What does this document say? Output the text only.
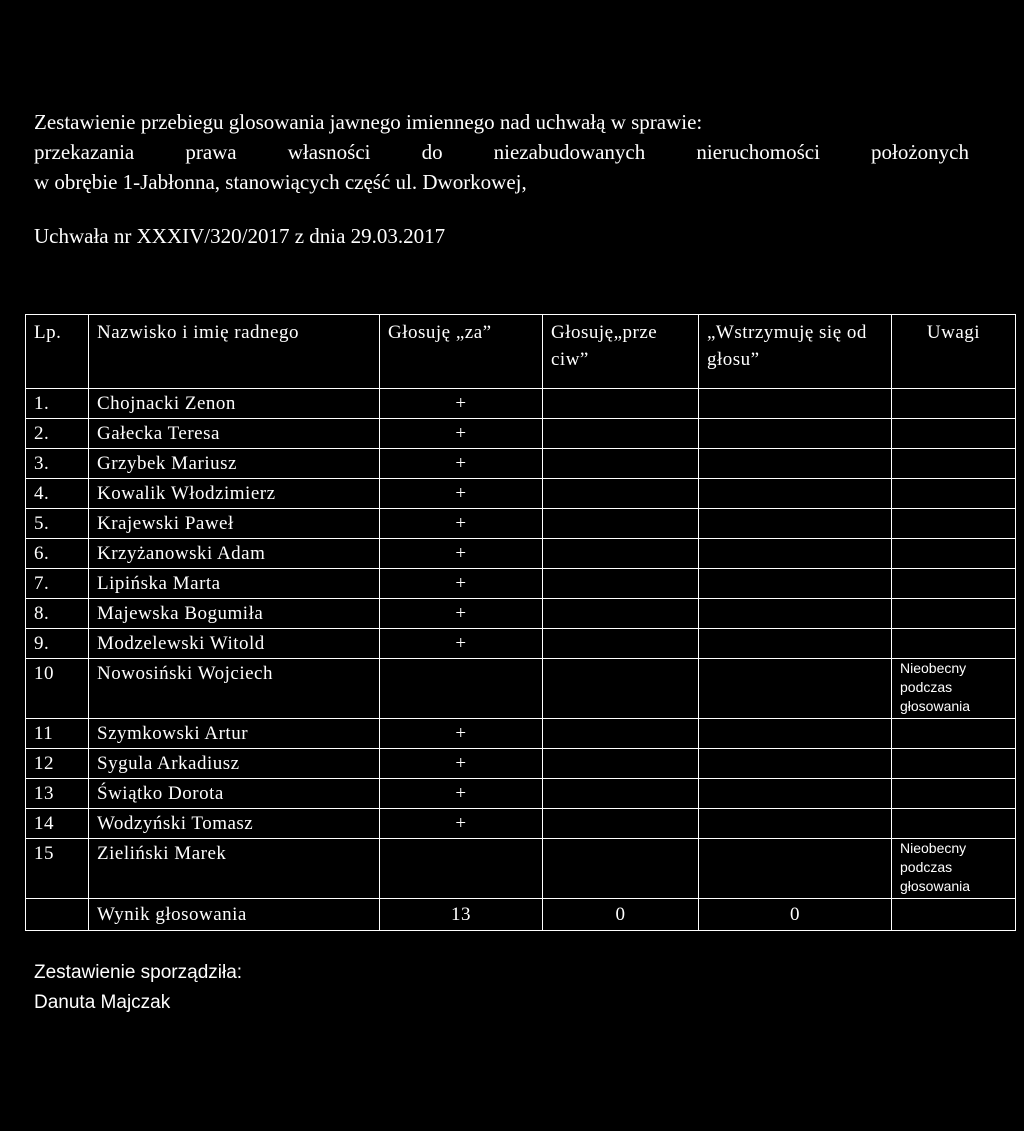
Zestawienie przebiegu glosowania jawnego imiennego nad uchwałą w sprawie:
przekazania prawa własności do niezabudowanych nieruchomości położonych
w obrębie 1-Jabłonna, stanowiących część ul. Dworkowej,
Uchwała nr XXXIV/320/2017 z dnia 29.03.2017
Lp.	Nazwisko i imię radnego	Głosuję „za”	Głosuję„prze ciw”	„Wstrzymuję się od głosu”	Uwagi
1.	Chojnacki Zenon	+			
2.	Gałecka Teresa	+			
3.	Grzybek Mariusz	+			
4.	Kowalik Włodzimierz	+			
5.	Krajewski Paweł	+			
6.	Krzyżanowski Adam	+			
7.	Lipińska Marta	+			
8.	Majewska Bogumiła	+			
9.	Modzelewski Witold	+			
10	Nowosiński Wojciech				Nieobecny podczas głosowania
11	Szymkowski Artur	+			
12	Sygula Arkadiusz	+			
13	Świątko Dorota	+			
14	Wodzyński Tomasz	+			
15	Zieliński Marek				Nieobecny podczas głosowania
	Wynik głosowania	13	0	0	
Zestawienie sporządziła:
Danuta Majczak
